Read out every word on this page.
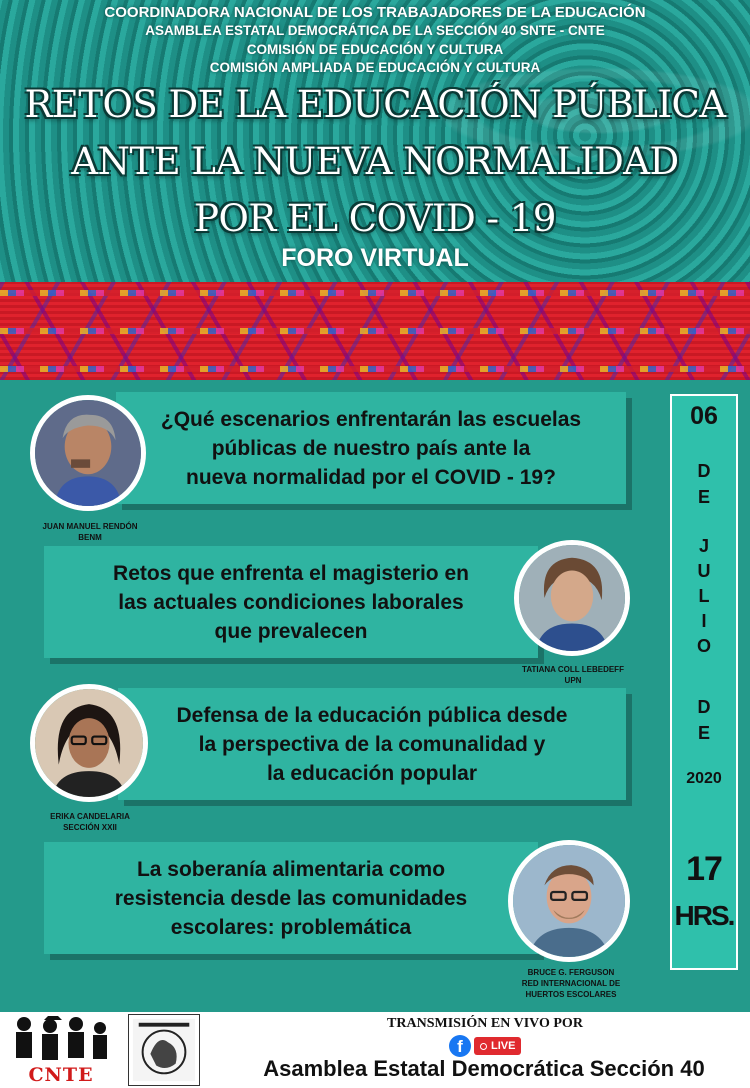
COORDINADORA NACIONAL DE LOS TRABAJADORES DE LA EDUCACIÓN
ASAMBLEA ESTATAL DEMOCRÁTICA DE LA SECCIÓN 40 SNTE - CNTE
COMISIÓN DE EDUCACIÓN Y CULTURA
COMISIÓN AMPLIADA DE EDUCACIÓN Y CULTURA
RETOS DE LA EDUCACIÓN PÚBLICA
ANTE LA NUEVA NORMALIDAD
POR EL COVID - 19
FORO VIRTUAL
¿Qué escenarios enfrentarán las escuelas
públicas de nuestro país ante la
nueva normalidad por el COVID - 19?
JUAN MANUEL RENDÓN
BENM
Retos que enfrenta el magisterio en
las actuales condiciones laborales
que prevalecen
TATIANA COLL LEBEDEFF
UPN
Defensa de la educación pública desde
la perspectiva de la comunalidad y
la educación popular
ERIKA CANDELARIA
SECCIÓN XXII
La soberanía alimentaria como
resistencia desde las comunidades
escolares: problemática
BRUCE G. FERGUSON
RED INTERNACIONAL DE
HUERTOS ESCOLARES
06
D
E
J
U
L
I
O
D
E
2020
17
HRS.
CNTE
TRANSMISIÓN EN VIVO POR
f	LIVE
Asamblea Estatal Democrática Sección 40
